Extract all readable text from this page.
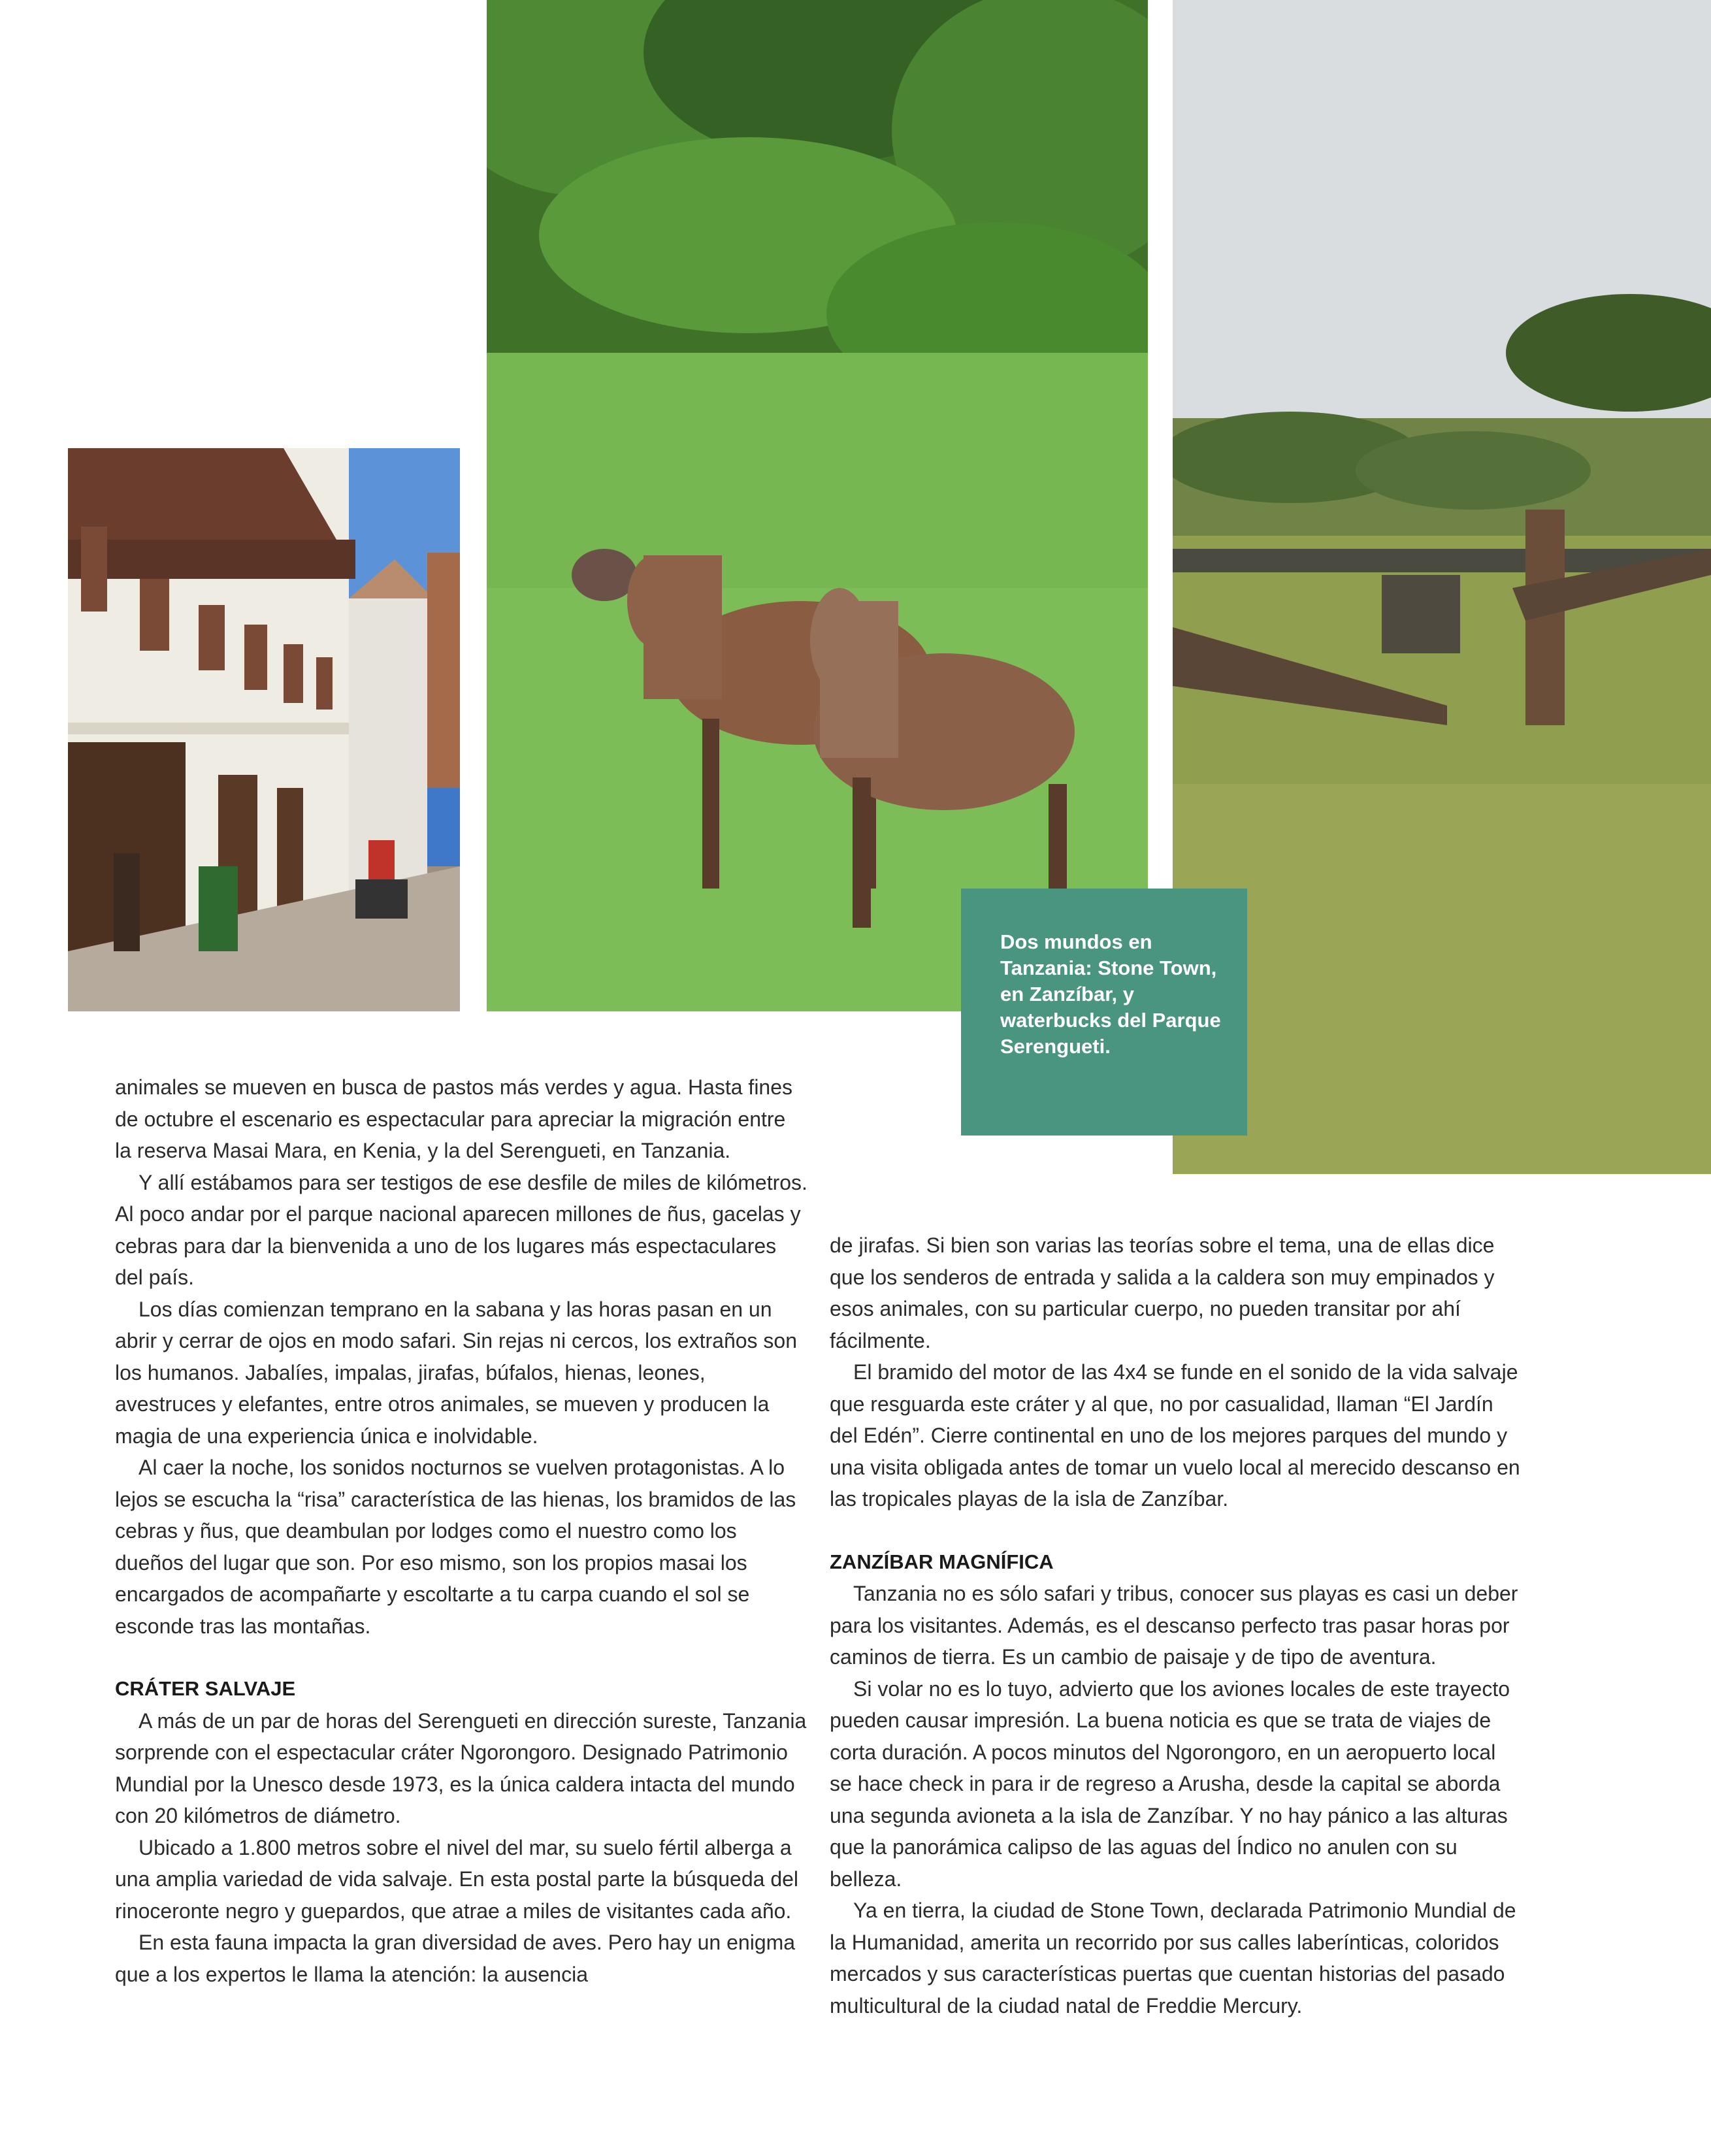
Dos mundos en Tanzania: Stone Town, en Zanzíbar, y waterbucks del Parque Serengueti.

animales se mueven en busca de pastos más verdes y agua. Hasta fines de octubre el escenario es espectacular para apreciar la migración entre la reserva Masai Mara, en Kenia, y la del Serengueti, en Tanzania.

Y allí estábamos para ser testigos de ese desfile de miles de kilómetros. Al poco andar por el parque nacional aparecen millones de ñus, gacelas y cebras para dar la bienvenida a uno de los lugares más espectaculares del país.

Los días comienzan temprano en la sabana y las horas pasan en un abrir y cerrar de ojos en modo safari. Sin rejas ni cercos, los extraños son los humanos. Jabalíes, impalas, jirafas, búfalos, hienas, leones, avestruces y elefantes, entre otros animales, se mueven y producen la magia de una experiencia única e inolvidable.

Al caer la noche, los sonidos nocturnos se vuelven protagonistas. A lo lejos se escucha la “risa” característica de las hienas, los bramidos de las cebras y ñus, que deambulan por lodges como el nuestro como los dueños del lugar que son. Por eso mismo, son los propios masai los encargados de acompañarte y escoltarte a tu carpa cuando el sol se esconde tras las montañas.

CRÁTER SALVAJE

A más de un par de horas del Serengueti en dirección sureste, Tanzania sorprende con el espectacular cráter Ngorongoro. Designado Patrimonio Mundial por la Unesco desde 1973, es la única caldera intacta del mundo con 20 kilómetros de diámetro.

Ubicado a 1.800 metros sobre el nivel del mar, su suelo fértil alberga a una amplia variedad de vida salvaje. En esta postal parte la búsqueda del rinoceronte negro y guepardos, que atrae a miles de visitantes cada año.

En esta fauna impacta la gran diversidad de aves. Pero hay un enigma que a los expertos le llama la atención: la ausencia

de jirafas. Si bien son varias las teorías sobre el tema, una de ellas dice que los senderos de entrada y salida a la caldera son muy empinados y esos animales, con su particular cuerpo, no pueden transitar por ahí fácilmente.

El bramido del motor de las 4x4 se funde en el sonido de la vida salvaje que resguarda este cráter y al que, no por casualidad, llaman “El Jardín del Edén”. Cierre continental en uno de los mejores parques del mundo y una visita obligada antes de tomar un vuelo local al merecido descanso en las tropicales playas de la isla de Zanzíbar.

ZANZÍBAR MAGNÍFICA

Tanzania no es sólo safari y tribus, conocer sus playas es casi un deber para los visitantes. Además, es el descanso perfecto tras pasar horas por caminos de tierra. Es un cambio de paisaje y de tipo de aventura.

Si volar no es lo tuyo, advierto que los aviones locales de este trayecto pueden causar impresión. La buena noticia es que se trata de viajes de corta duración. A pocos minutos del Ngorongoro, en un aeropuerto local se hace check in para ir de regreso a Arusha, desde la capital se aborda una segunda avioneta a la isla de Zanzíbar. Y no hay pánico a las alturas que la panorámica calipso de las aguas del Índico no anulen con su belleza.

Ya en tierra, la ciudad de Stone Town, declarada Patrimonio Mundial de la Humanidad, amerita un recorrido por sus calles laberínticas, coloridos mercados y sus características puertas que cuentan historias del pasado multicultural de la ciudad natal de Freddie Mercury.
